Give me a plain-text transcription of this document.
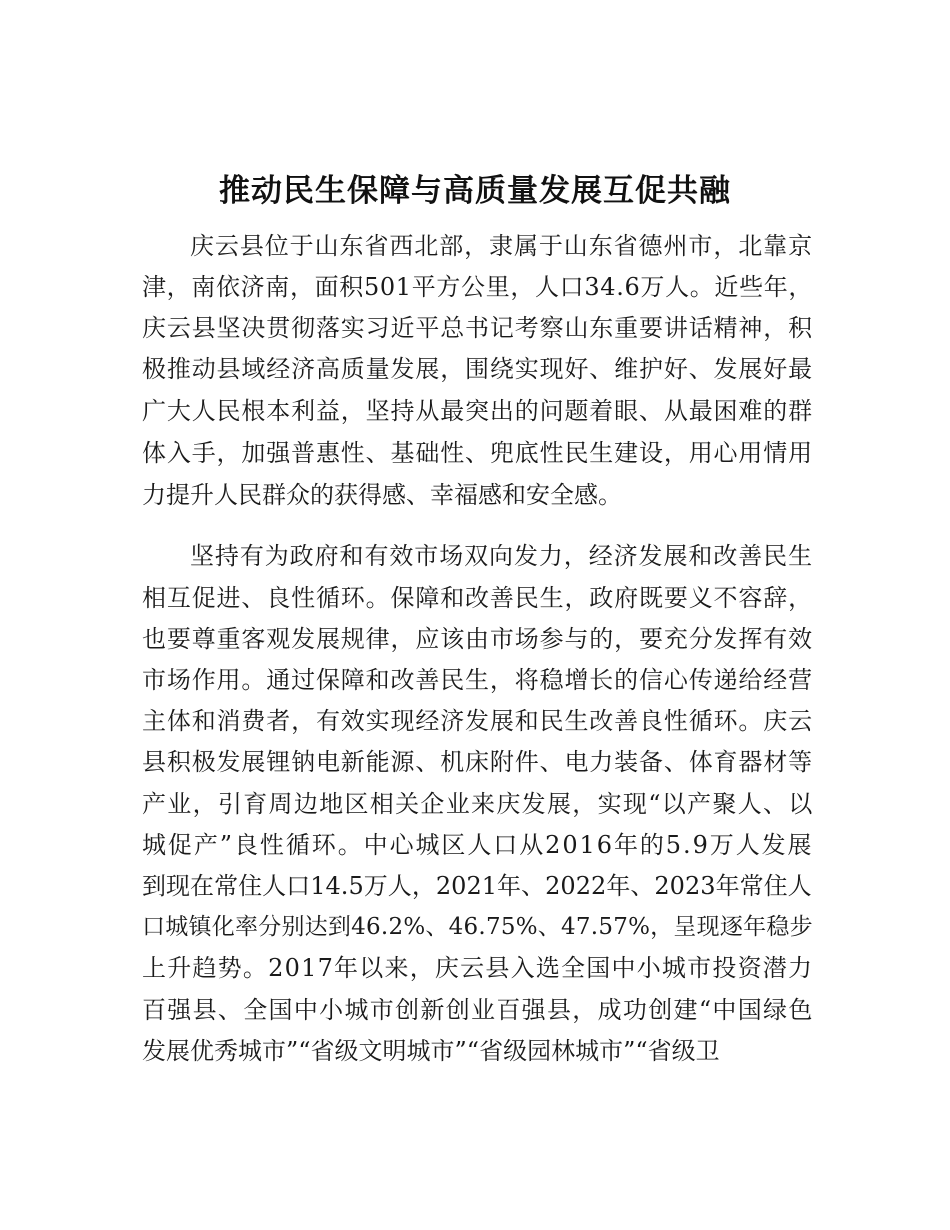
推动民生保障与高质量发展互促共融
庆云县位于山东省西北部，隶属于山东省德州市，北靠京
津，南依济南，面积501平方公里，人口34.6万人。近些年，
庆云县坚决贯彻落实习近平总书记考察山东重要讲话精神，积
极推动县域经济高质量发展，围绕实现好、维护好、发展好最
广大人民根本利益，坚持从最突出的问题着眼、从最困难的群
体入手，加强普惠性、基础性、兜底性民生建设，用心用情用
力提升人民群众的获得感、幸福感和安全感。
坚持有为政府和有效市场双向发力，经济发展和改善民生
相互促进、良性循环。保障和改善民生，政府既要义不容辞，
也要尊重客观发展规律，应该由市场参与的，要充分发挥有效
市场作用。通过保障和改善民生，将稳增长的信心传递给经营
主体和消费者，有效实现经济发展和民生改善良性循环。庆云
县积极发展锂钠电新能源、机床附件、电力装备、体育器材等
产业，引育周边地区相关企业来庆发展，实现“以产聚人、以
城促产”良性循环。中心城区人口从2016年的5.9万人发展
到现在常住人口14.5万人，2021年、2022年、2023年常住人
口城镇化率分别达到46.2%、46.75%、47.57%，呈现逐年稳步
上升趋势。2017年以来，庆云县入选全国中小城市投资潜力
百强县、全国中小城市创新创业百强县，成功创建“中国绿色
发展优秀城市”“省级文明城市”“省级园林城市”“省级卫
